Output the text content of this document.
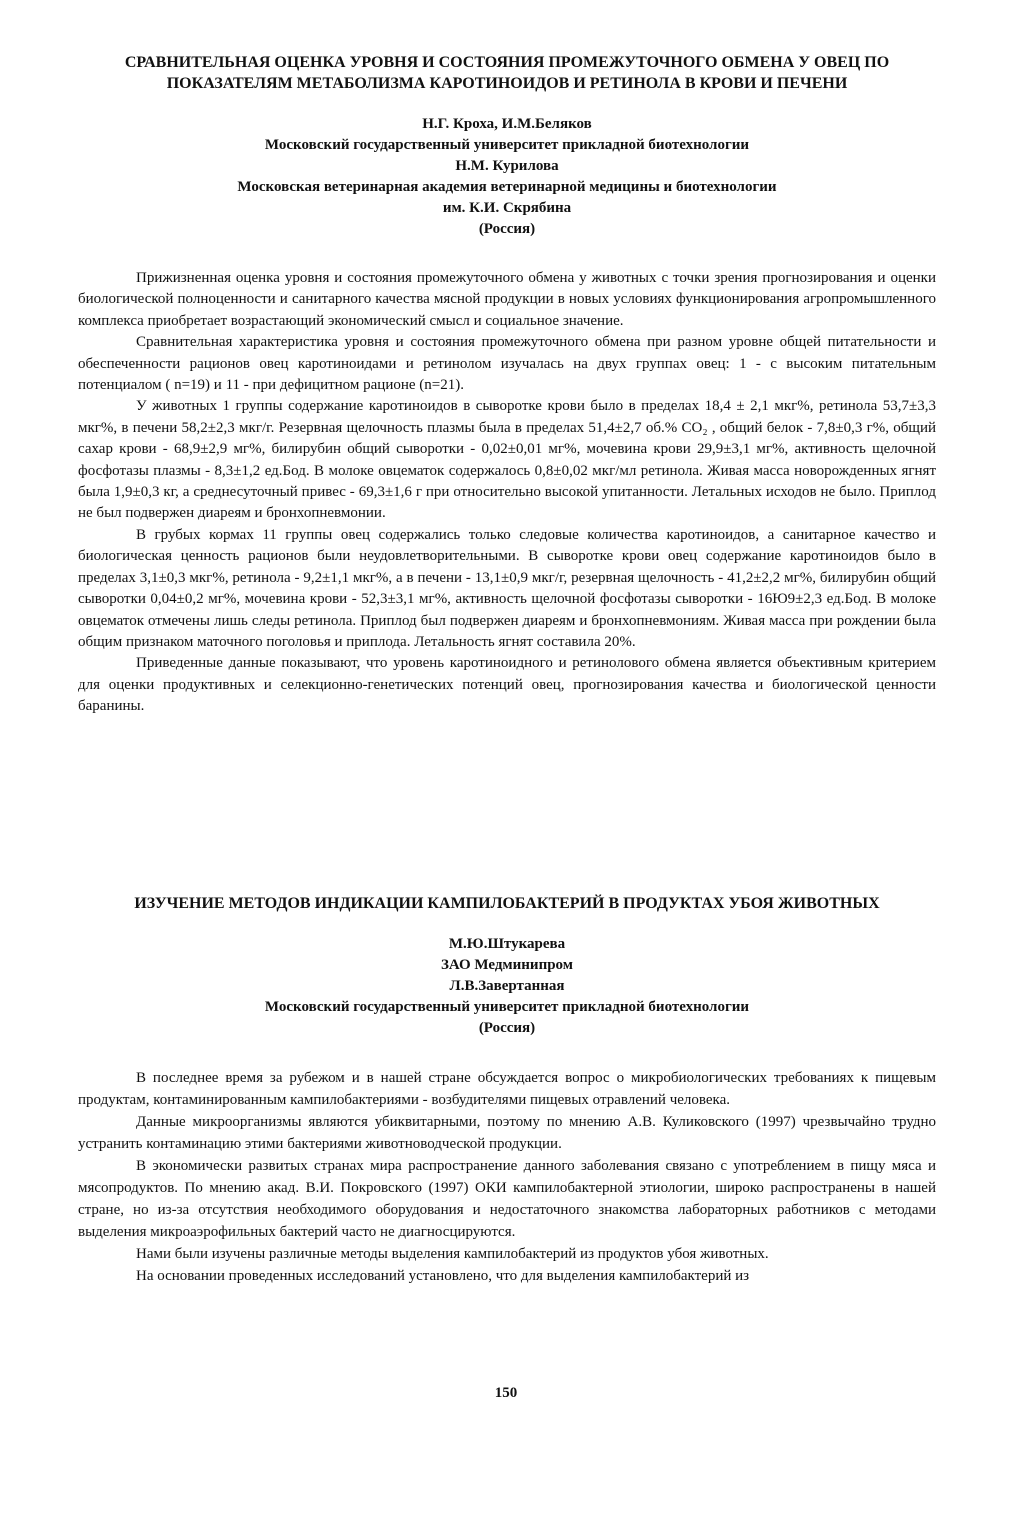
СРАВНИТЕЛЬНАЯ ОЦЕНКА УРОВНЯ И СОСТОЯНИЯ ПРОМЕЖУТОЧНОГО ОБМЕНА У ОВЕЦ ПО ПОКАЗАТЕЛЯМ МЕТАБОЛИЗМА КАРОТИНОИДОВ И РЕТИНОЛА В КРОВИ И ПЕЧЕНИ
Н.Г. Кроха, И.М.Беляков
Московский государственный университет прикладной биотехнологии
Н.М. Курилова
Московская ветеринарная академия ветеринарной медицины и биотехнологии
им. К.И. Скрябина
(Россия)

Прижизненная оценка уровня и состояния промежуточного обмена у животных с точки зрения прогнозирования и оценки биологической полноценности и санитарного качества мясной продукции в новых условиях функционирования агропромышленного комплекса приобретает возрастающий экономический смысл и социальное значение.

Сравнительная характеристика уровня и состояния промежуточного обмена при разном уровне общей питательности и обеспеченности рационов овец каротиноидами и ретинолом изучалась на двух группах овец: 1 - с высоким питательным потенциалом ( n=19) и 11 - при дефицитном рационе (n=21).

У животных 1 группы содержание каротиноидов в сыворотке крови было в пределах 18,4 ± 2,1 мкг%, ретинола 53,7±3,3 мкг%, в печени 58,2±2,3 мкг/г. Резервная щелочность плазмы была в пределах 51,4±2,7 об.% CO₂ , общий белок - 7,8±0,3 г%, общий сахар крови - 68,9±2,9 мг%, билирубин общий сыворотки - 0,02±0,01 мг%, мочевина крови 29,9±3,1 мг%, активность щелочной фосфотазы плазмы - 8,3±1,2 ед.Бод. В молоке овцематок содержалось 0,8±0,02 мкг/мл ретинола. Живая масса новорожденных ягнят была 1,9±0,3 кг, а среднесуточный привес - 69,3±1,6 г при относительно высокой упитанности. Летальных исходов не было. Приплод не был подвержен диареям и бронхопневмонии.

В грубых кормах 11 группы овец содержались только следовые количества каротиноидов, а санитарное качество и биологическая ценность рационов были неудовлетворительными. В сыворотке крови овец содержание каротиноидов было в пределах 3,1±0,3 мкг%, ретинола - 9,2±1,1 мкг%, а в печени - 13,1±0,9 мкг/г, резервная щелочность - 41,2±2,2 мг%, билирубин общий сыворотки 0,04±0,2 мг%, мочевина крови - 52,3±3,1 мг%, активность щелочной фосфотазы сыворотки - 16Ю9±2,3 ед.Бод. В молоке овцематок отмечены лишь следы ретинола. Приплод был подвержен диареям и бронхопневмониям. Живая масса при рождении была общим признаком маточного поголовья и приплода. Летальность ягнят составила 20%.

Приведенные данные показывают, что уровень каротиноидного и ретинолового обмена является объективным критерием для оценки продуктивных и селекционно-генетических потенций овец, прогнозирования качества и биологической ценности баранины.

ИЗУЧЕНИЕ МЕТОДОВ ИНДИКАЦИИ КАМПИЛОБАКТЕРИЙ В ПРОДУКТАХ УБОЯ ЖИВОТНЫХ
М.Ю.Штукарева
ЗАО Медминипром
Л.В.Завертанная
Московский государственный университет прикладной биотехнологии
(Россия)

В последнее время за рубежом и в нашей стране обсуждается вопрос о микробиологических требованиях к пищевым продуктам, контаминированным кампилобактериями - возбудителями пищевых отравлений человека.

Данные микроорганизмы являются убиквитарными, поэтому по мнению А.В. Куликовского (1997) чрезвычайно трудно устранить контаминацию этими бактериями животноводческой продукции.

В экономически развитых странах мира распространение данного заболевания связано с употреблением в пищу мяса и мясопродуктов. По мнению акад. В.И. Покровского (1997) ОКИ кампилобактерной этиологии, широко распространены в нашей стране, но из-за отсутствия необходимого оборудования и недостаточного знакомства лабораторных работников с методами выделения микроаэрофильных бактерий часто не диагносцируются.

Нами были изучены различные методы выделения кампилобактерий из продуктов убоя животных.

На основании проведенных исследований установлено, что для выделения кампилобактерий из

150
